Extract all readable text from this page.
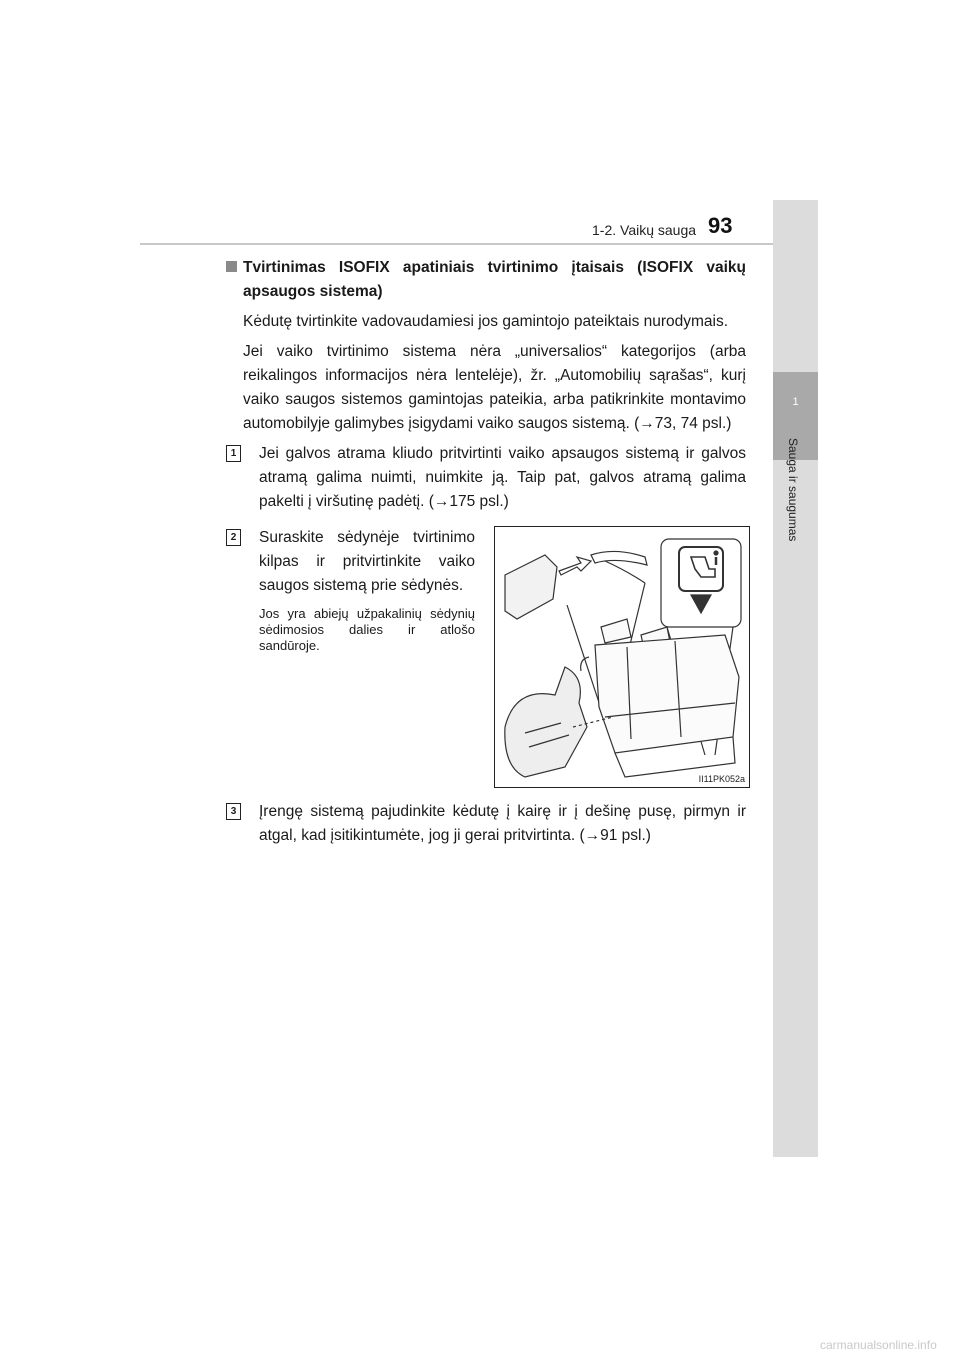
1-2. Vaikų sauga 93
1
Sauga ir saugumas

Tvirtinimas ISOFIX apatiniais tvirtinimo įtaisais (ISOFIX vaikų apsaugos sistema)

Kėdutę tvirtinkite vadovaudamiesi jos gamintojo pateiktais nurodymais.

Jei vaiko tvirtinimo sistema nėra „universalios“ kategorijos (arba reikalingos informacijos nėra lentelėje), žr. „Automobilių sąrašas“, kurį vaiko saugos sistemos gamintojas pateikia, arba patikrinkite montavimo automobilyje galimybes įsigydami vaiko saugos sistemą. (→73, 74 psl.)

1	Jei galvos atrama kliudo pritvirtinti vaiko apsaugos sistemą ir galvos atramą galima nuimti, nuimkite ją. Taip pat, galvos atramą galima pakelti į viršutinę padėtį. (→175 psl.)
2	Suraskite sėdynėje tvirtinimo kilpas ir pritvirtinkite vaiko saugos sistemą prie sėdynės.
Jos yra abiejų užpakalinių sėdynių sėdimosios dalies ir atlošo sandūroje.
II11PK052a
3	Įrengę sistemą pajudinkite kėdutę į kairę ir į dešinę pusę, pirmyn ir atgal, kad įsitikintumėte, jog ji gerai pritvirtinta. (→91 psl.)
carmanualsonline.info
